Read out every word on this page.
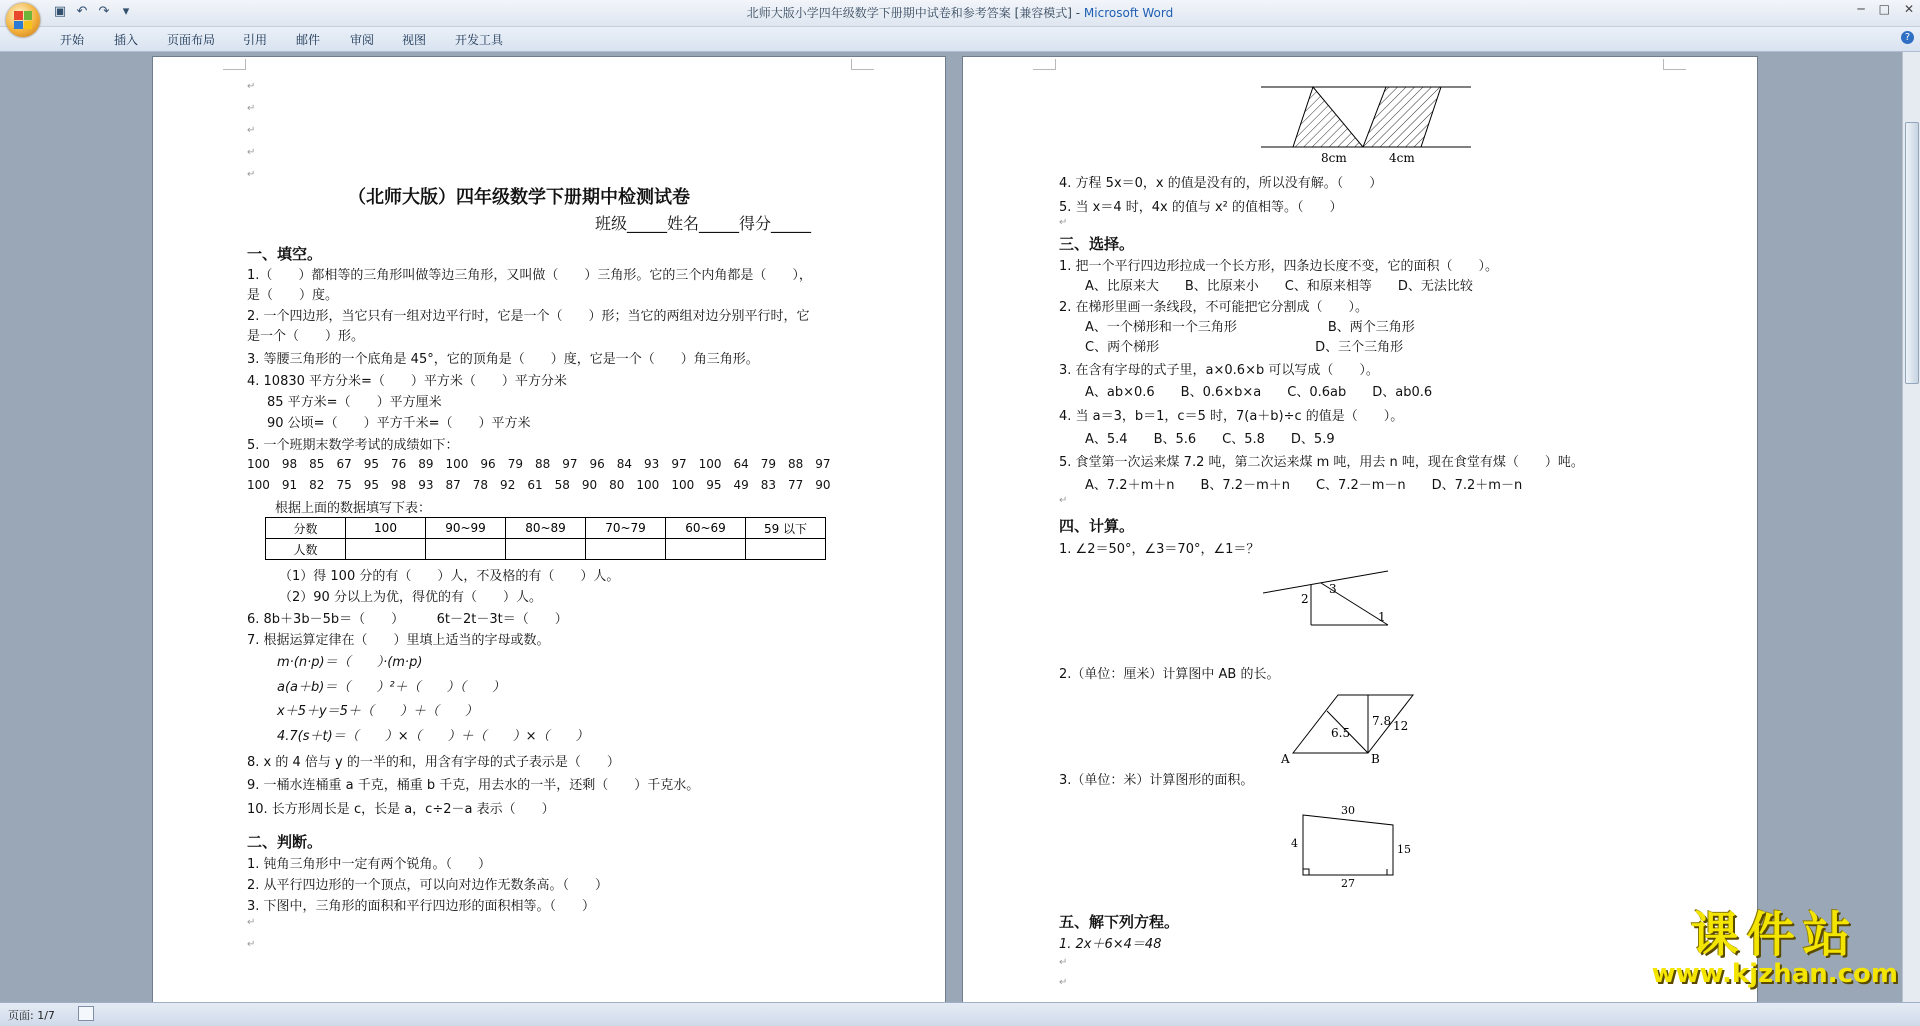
▣ ↶ ↷	▾	北师大版小学四年级数学下册期中试卷和参考答案 [兼容模式] - Microsoft Word	─ □ ✕
开始 插入 页面布局 引用 邮件 审阅 视图 开发工具	?
↵
↵
↵
↵
↵
（北师大版）四年级数学下册期中检测试卷
班级_____姓名_____得分_____
一、填空。
1.（　　）都相等的三角形叫做等边三角形，又叫做（　　）三角形。它的三个内角都是（　　），
是（　　）度。
2. 一个四边形，当它只有一组对边平行时，它是一个（　　）形；当它的两组对边分别平行时，它
是一个（　　）形。
3. 等腰三角形的一个底角是 45°，它的顶角是（　　）度，它是一个（　　）角三角形。
4. 10830 平方分米=（　　）平方米（　　）平方分米
85 平方米=（　　）平方厘米
90 公顷=（　　）平方千米=（　　）平方米
5. 一个班期末数学考试的成绩如下：
100　98　85　67　95　76　89　100　96　79　88　97　96　84　93　97　100　64　79　88　97
100　91　82　75　95　98　93　87　78　92　61　58　90　80　100　100　95　49　83　77　90
根据上面的数据填写下表：
分数	100	90~99	80~89	70~79	60~69	59 以下
人数						
（1）得 100 分的有（　　）人，不及格的有（　　）人。
（2）90 分以上为优，得优的有（　　）人。
6. 8b＋3b－5b＝（　　）　　　6t－2t－3t＝（　　）
7. 根据运算定律在（　　）里填上适当的字母或数。
m·(n·p)＝（　　）·(m·p)
a(a＋b)＝（　　）²＋（　　）（　　）
x＋5＋y＝5＋（　　）＋（　　）
4.7(s＋t)＝（　　）×（　　）＋（　　）×（　　）
8. x 的 4 倍与 y 的一半的和，用含有字母的式子表示是（　　）
9. 一桶水连桶重 a 千克，桶重 b 千克，用去水的一半，还剩（　　）千克水。
10. 长方形周长是 c，长是 a，c÷2－a 表示（　　）
二、判断。
1. 钝角三角形中一定有两个锐角。（　　）
2. 从平行四边形的一个顶点，可以向对边作无数条高。（　　）
3. 下图中，三角形的面积和平行四边形的面积相等。（　　）
↵
↵
8cm	4cm
4. 方程 5x＝0，x 的值是没有的，所以没有解。（　　）
5. 当 x＝4 时，4x 的值与 x² 的值相等。（　　）
↵
三、选择。
1. 把一个平行四边形拉成一个长方形，四条边长度不变，它的面积（　　）。
A、比原来大　　B、比原来小　　C、和原来相等　　D、无法比较
2. 在梯形里画一条线段，不可能把它分割成（　　）。
A、一个梯形和一个三角形　　　　　　　B、两个三角形
C、两个梯形　　　　　　　　　　　　D、三个三角形
3. 在含有字母的式子里，a×0.6×b 可以写成（　　）。
A、ab×0.6　　B、0.6×b×a　　C、0.6ab　　D、ab0.6
4. 当 a＝3，b＝1，c＝5 时，7(a＋b)÷c 的值是（　　）。
A、5.4　　B、5.6　　C、5.8　　D、5.9
5. 食堂第一次运来煤 7.2 吨，第二次运来煤 m 吨，用去 n 吨，现在食堂有煤（　　）吨。
A、7.2＋m＋n　　B、7.2－m＋n　　C、7.2－m－n　　D、7.2＋m－n
↵
四、计算。
1. ∠2＝50°，∠3＝70°，∠1＝？
2
3
1
2.（单位：厘米）计算图中 AB 的长。
7.8
6.5	12
A	B
3.（单位：米）计算图形的面积。
30
4	15
27
五、解下列方程。
1. 2x＋6×4＝48
↵
↵
页面: 1/7
课件站
www.kjzhan.com
